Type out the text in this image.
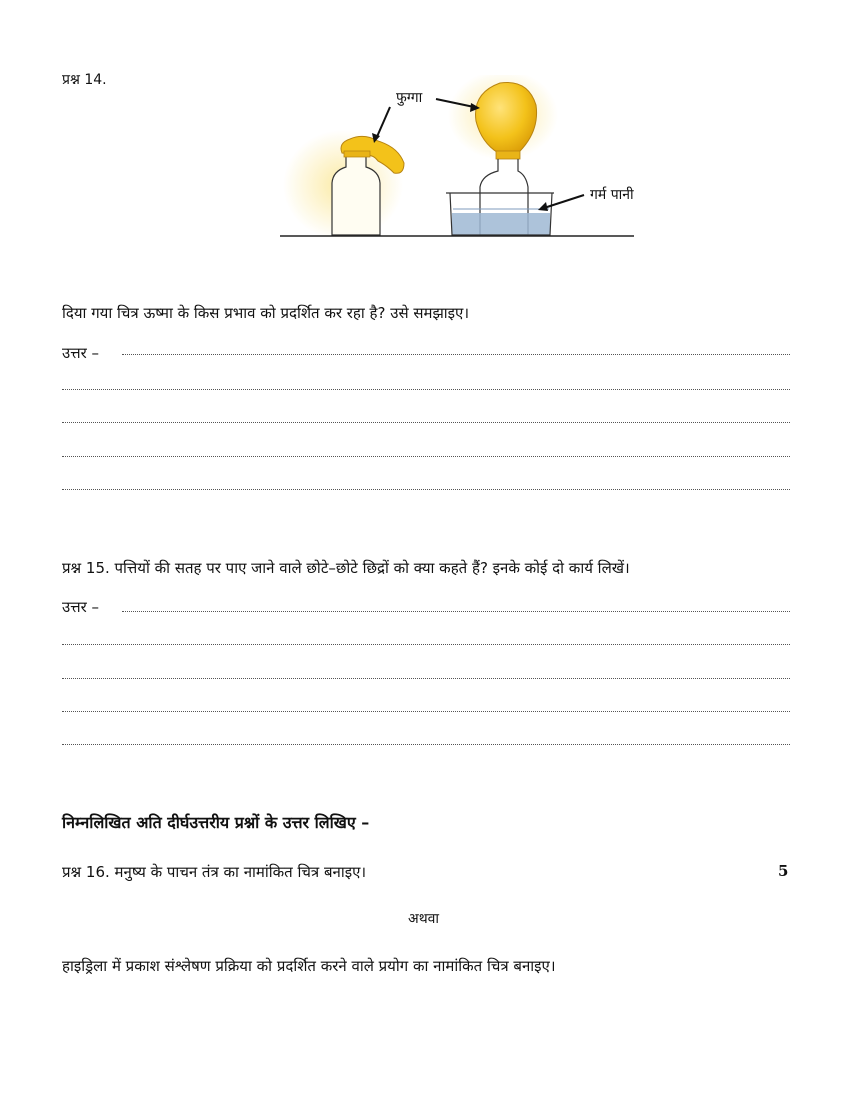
प्रश्न 14.
फुग्गा
गर्म पानी
दिया गया चित्र ऊष्मा के किस प्रभाव को प्रदर्शित कर रहा है? उसे समझाइए।
उत्तर –
प्रश्न 15. पत्तियों की सतह पर पाए जाने वाले छोटे–छोटे छिद्रों को क्या कहते हैं? इनके कोई दो कार्य लिखें।
उत्तर –
निम्नलिखित अति दीर्घउत्तरीय प्रश्नों के उत्तर लिखिए –
प्रश्न 16. मनुष्य के पाचन तंत्र का नामांकित चित्र बनाइए।	5
अथवा
हाइड्रिला में प्रकाश संश्लेषण प्रक्रिया को प्रदर्शित करने वाले प्रयोग का नामांकित चित्र बनाइए।
